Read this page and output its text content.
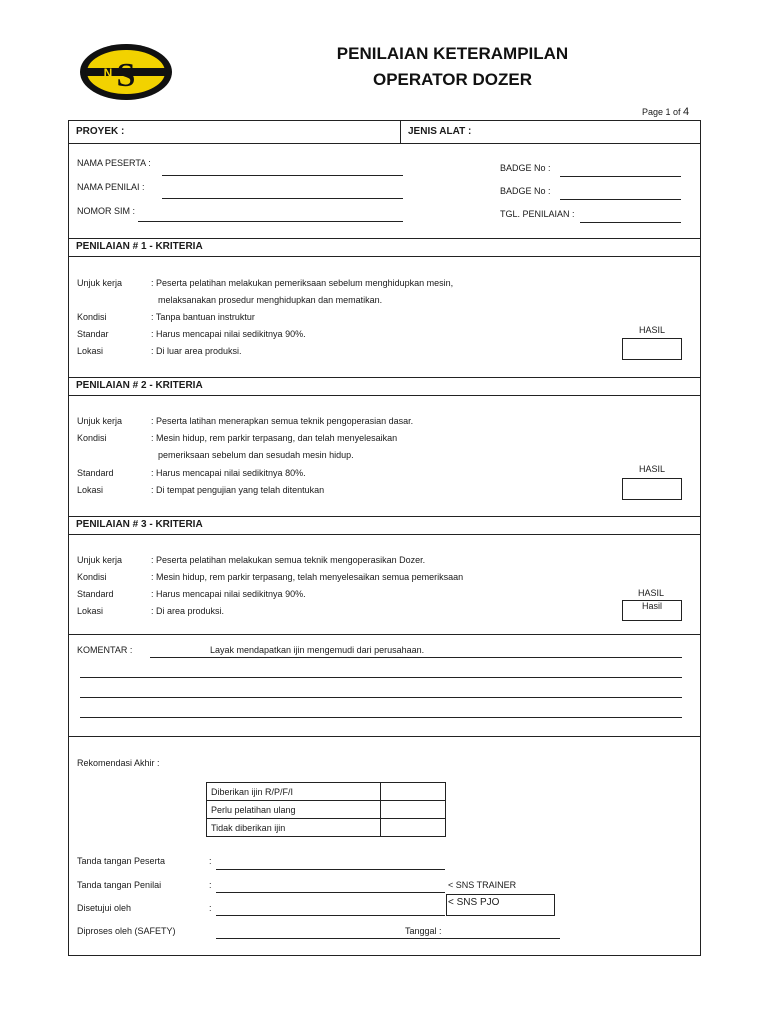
S
N
PENILAIAN KETERAMPILAN
OPERATOR DOZER
Page 1 of 4
PROYEK :	JENIS ALAT :
NAMA PESERTA :
NAMA PENILAI :
NOMOR SIM :
BADGE No :
BADGE No :
TGL. PENILAIAN :
PENILAIAN # 1 - KRITERIA
Unjuk kerja	: Peserta pelatihan melakukan pemeriksaan sebelum menghidupkan mesin,
melaksanakan prosedur menghidupkan dan mematikan.
Kondisi	: Tanpa bantuan instruktur
Standar	: Harus mencapai nilai sedikitnya 90%.
Lokasi	: Di luar area produksi.
HASIL
PENILAIAN # 2 - KRITERIA
Unjuk kerja	: Peserta latihan menerapkan semua teknik pengoperasian dasar.
Kondisi	: Mesin hidup, rem parkir terpasang, dan telah menyelesaikan
pemeriksaan sebelum dan sesudah mesin hidup.
Standard	: Harus mencapai nilai sedikitnya 80%.
Lokasi	: Di tempat pengujian yang telah ditentukan
HASIL
PENILAIAN # 3 - KRITERIA
Unjuk kerja	: Peserta pelatihan melakukan semua teknik mengoperasikan Dozer.
Kondisi	: Mesin hidup, rem parkir terpasang, telah menyelesaikan semua pemeriksaan
Standard	: Harus mencapai nilai sedikitnya 90%.
Lokasi	: Di area produksi.
HASIL
Hasil
KOMENTAR :	Layak mendapatkan ijin mengemudi dari perusahaan.
Rekomendasi Akhir :
Diberikan ijin R/P/F/I	
Perlu pelatihan ulang	
Tidak diberikan ijin	
Tanda tangan Peserta	:
Tanda tangan Penilai	:	< SNS TRAINER
Disetujui oleh	:	< SNS PJO
Diproses oleh (SAFETY)	Tanggal :
